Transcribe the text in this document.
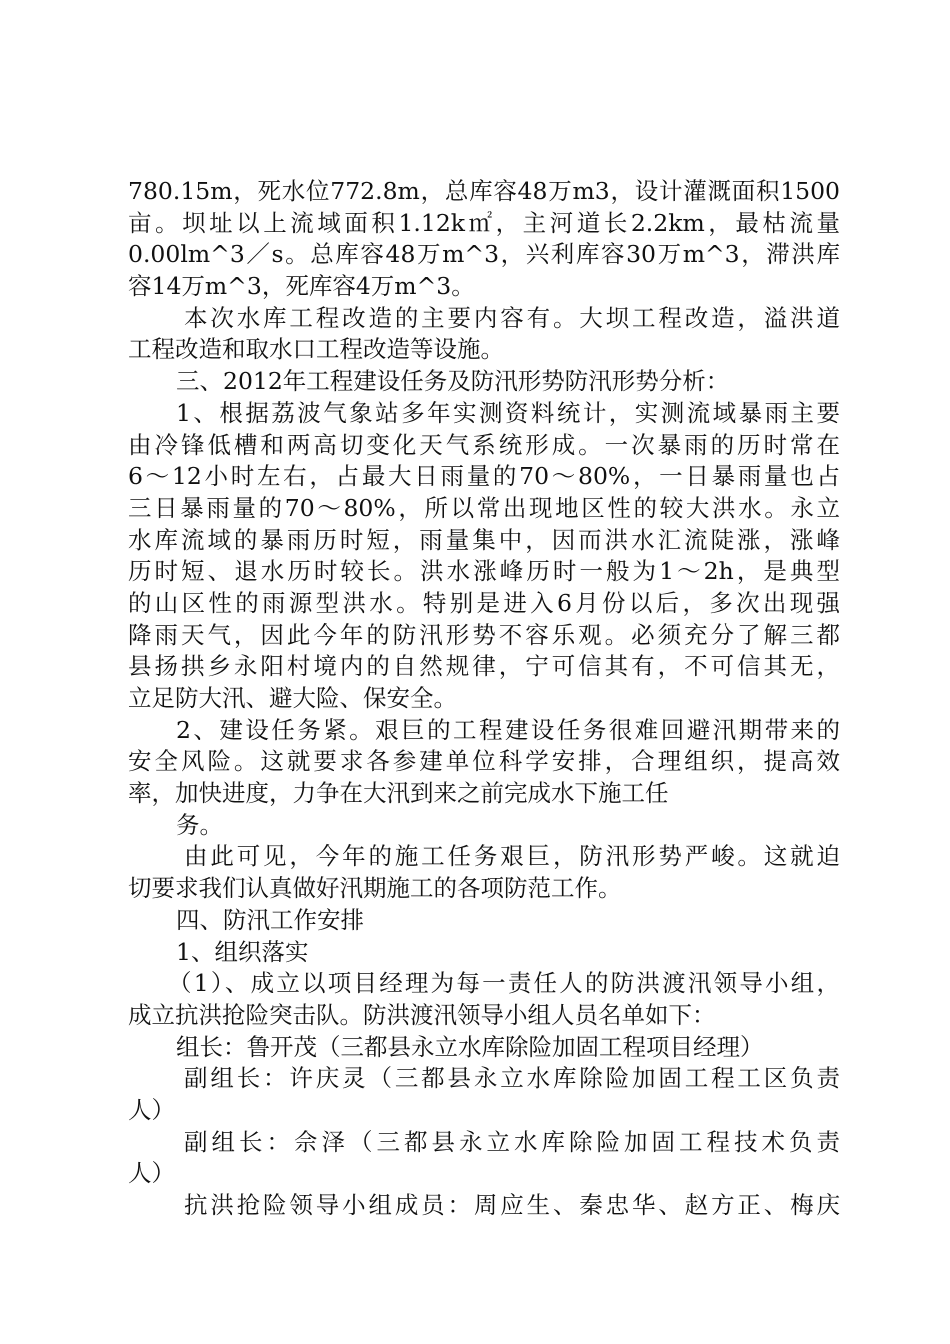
780.15m，死水位772.8m，总库容48万m3，设计灌溉面积1500
亩。坝址以上流域面积1.12k㎡，主河道长2.2km，最枯流量
0.00lm^3／s。总库容48万m^3，兴利库容30万m^3，滞洪库
容14万m^3，死库容4万m^3。
本次水库工程改造的主要内容有。大坝工程改造，溢洪道
工程改造和取水口工程改造等设施。
三、2012年工程建设任务及防汛形势防汛形势分析：
1、根据荔波气象站多年实测资料统计，实测流域暴雨主要
由冷锋低槽和两高切变化天气系统形成。一次暴雨的历时常在
6～12小时左右，占最大日雨量的70～80%，一日暴雨量也占
三日暴雨量的70～80%，所以常出现地区性的较大洪水。永立
水库流域的暴雨历时短，雨量集中，因而洪水汇流陡涨，涨峰
历时短、退水历时较长。洪水涨峰历时一般为1～2h，是典型
的山区性的雨源型洪水。特别是进入6月份以后，多次出现强
降雨天气，因此今年的防汛形势不容乐观。必须充分了解三都
县扬拱乡永阳村境内的自然规律，宁可信其有，不可信其无，
立足防大汛、避大险、保安全。
2、建设任务紧。艰巨的工程建设任务很难回避汛期带来的
安全风险。这就要求各参建单位科学安排，合理组织，提高效
率，加快进度，力争在大汛到来之前完成水下施工任
务。
由此可见，今年的施工任务艰巨，防汛形势严峻。这就迫
切要求我们认真做好汛期施工的各项防范工作。
四、防汛工作安排
1、组织落实
（1）、成立以项目经理为每一责任人的防洪渡汛领导小组，
成立抗洪抢险突击队。防洪渡汛领导小组人员名单如下：
组长：鲁开茂（三都县永立水库除险加固工程项目经理）
副组长：许庆灵（三都县永立水库除险加固工程工区负责
人）
副组长：佘泽（三都县永立水库除险加固工程技术负责
人）
抗洪抢险领导小组成员：周应生、秦忠华、赵方正、梅庆
